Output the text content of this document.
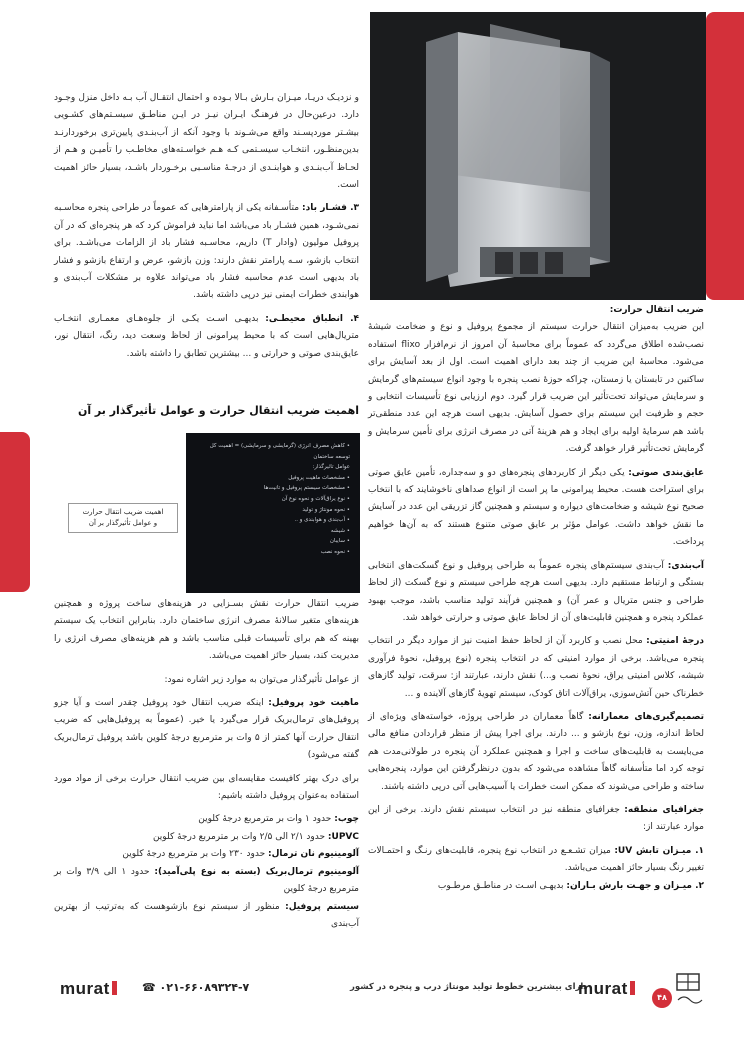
و نزدیـک دریـا، میـزان بـارش بـالا بـوده و احتمال انتقـال آب بـه داخل منزل وجـود دارد. درعین‌حال در فرهنـگ ایـران نیـز در ایـن مناطـق سیسـتم‌های کشـویی بیشـتر مورد‌پسـند واقع می‌شـوند با وجود آنکه از آب‌بنـدی پایین‌تری برخوردارنـد بدین‌منظـور، انتخـاب سیسـتمی کـه هـم خواسـته‌های مخاطـب را تأمیـن و هـم از لحـاظ آب‌بنـدی و هوابنـدی از درجـهٔ مناسـبی برخـوردار باشـد، بسیار حائز اهمیت است.

۳. فشـار باد: متأسـفانه یکی از پارامترهایی که عموماً در طراحی پنجره محاسـبه نمی‌شـود، همین فشـار باد می‌باشد اما نباید فراموش کرد که هر پنجره‌ای که در آن پروفیل مولیون (وادار T) داریم، محاسـبه فشار باد از الزامات می‌باشـد. برای انتخاب بازشو، سـه پارامتر نقش دارند: وزن بازشو، عرض و ارتفاع بازشو و فشار باد بدیهی است عدم محاسبه فشار باد می‌تواند علاوه بر مشکلات آب‌بندی و هوابندی خطرات ایمنی نیز درپی داشته باشد.

۴. انطباق محیطـی: بدیهـی اسـت یکـی از جلوه‌هـای معمـاری انتخـاب متریال‌هایی است که با محیط پیرامونی از لحاظ وسعت دید، رنگ، انتقال نور، عایق‌بندی صوتی و حرارتی و ... بیشترین تطابق را داشته باشد.

اهمیت ضریب انتقال حرارت و عوامل تأثیرگذار بر آن
• کاهش مصرف انرژی (گرمایشی و سرمایشی) = اهمیت کل
توسعه ساختمان
عوامل تاثیرگذار:
• مشخصات ماهیت پروفیل
• مشخصات سیستم پروفیل و تانیت‌ها
• نوع یراق‌آلات و نحوه نوع آن
• نحوه مونتاژ و تولید
• آب‌بندی و هوابندی و ..
• شیشه
• سایبان
• نحوه نصب
اهمیت ضریب انتقال حرارت
و عوامل تأثیرگذار بر آن

ضریب انتقال حرارت نقش بسـزایی در هزینه‌های ساخت پروژه و همچنین هزینه‌های متغیر سالانهٔ مصرف انرژی ساختمان دارد. بنابراین انتخاب یک سیستم بهینه که هم برای تأسیسات قبلی مناسب باشد و هم هزینه‌های مصرف انرژی را مدیریت کند، بسیار حائز اهمیت می‌باشد.

از عوامل تأثیرگذار می‌توان به موارد زیر اشاره نمود:

ماهیت خود پروفیل: اینکه ضریب انتقال خود پروفیل چقدر است و آیا جزو پروفیل‌های ترمال‌بریک قرار می‌گیرد یا خیر. (عموماً به پروفیل‌هایی که ضریب انتقال حرارت آنها کمتر از ۵ وات بر مترمربع درجهٔ کلوین باشد پروفیل ترمال‌بریک گفته می‌شود)

برای درک بهتر کافیست مقایسه‌ای بین ضریب انتقال حرارت برخی از مواد مورد استفاده به‌عنوان پروفیل داشته باشیم:

چوب: حدود ۱ وات بر مترمربع درجهٔ کلوین

UPVC: حدود ۲/۱ الی ۲/۵ وات بر مترمربع درجهٔ کلوین

آلومینیوم نان ترمال: حدود ۲۳۰ وات بر مترمربع درجهٔ کلوین

آلومینیوم ترمال‌بریک (بسته به نوع پلی‌آمید): حدود ۱ الی ۳/۹ وات بر مترمربع درجهٔ کلوین

سیستم پروفیل: منظور از سیستم نوع بازشوهست که به‌ترتیب از بهترین آب‌بندی

ضریب انتقال حرارت:

این ضریب به‌میزان انتقال حرارت سیستم از مجموع پروفیل و نوع و ضخامت شیشهٔ نصب‌شده اطلاق می‌گردد که عموماً برای محاسبهٔ آن امروز از نرم‌افزار flixo استفاده می‌شود. محاسبهٔ این ضریب از چند بعد دارای اهمیت است. اول از بعد آسایش برای ساکنین در تابستان یا زمستان، چراکه حوزهٔ نصب پنجره با وجود انواع سیستم‌های گرمایش و سرمایش می‌تواند تحت‌تأثیر این ضریب قرار گیرد. دوم ارزیابی نوع تأسیسات انتخابی و حجم و ظرفیت این سیستم برای حصول آسایش. بدیهی است هرچه این عدد منطقی‌تر باشد هم سرمایهٔ اولیه برای ایجاد و هم هزینهٔ آتی در مصرف انرژی برای تأمین سرمایش و گرمایش تحت‌تأثیر قرار خواهد گرفت.

عایق‌بندی صوتی: یکی دیگر از کاربردهای پنجره‌های دو و سه‌جداره، تأمین عایق صوتی برای استراحت هست. محیط پیرامونی ما پر است از انواع صداهای ناخوشایند که با انتخاب صحیح نوع شیشه و ضخامت‌های دیواره و سیستم و همچنین گاز تزریقی این عدد در آسایش ما نقش خواهد داشت. عوامل مؤثر بر عایق صوتی متنوع هستند که به آن‌ها خواهیم پرداخت.

آب‌بندی: آب‌بندی سیستم‌های پنجره عموماً به طراحی پروفیل و نوع گسکت‌های انتخابی بستگی و ارتباط مستقیم دارد. بدیهی است هرچه طراحی سیستم و نوع گسکت (از لحاظ طراحی و جنس متریال و عمر آن) و همچنین فرآیند تولید مناسب باشد، موجب بهبود عملکرد پنجره و همچنین قابلیت‌های آن از لحاظ عایق صوتی و حرارتی خواهد شد.

درجهٔ امنیتی: محل نصب و کاربرد آن از لحاظ حفظ امنیت نیز از موارد دیگر در انتخاب پنجره می‌باشد. برخی از موارد امنیتی که در انتخاب پنجره (نوع پروفیل، نحوهٔ فرآوری شیشه، کلاس امنیتی یراق، نحوهٔ نصب و...) نقش دارند، عبارتند از: سرقت، تولید گازهای خطرناک حین آتش‌سوزی، یراق‌آلات اتاق کودک، سیستم تهویهٔ گازهای آلاینده و ...

تصمیم‌گیری‌های معمارانه: گاهاً معماران در طراحی پروژه، خواسته‌های ویژه‌ای از لحاظ اندازه، وزن، نوع بازشو و ... دارند. برای اجرا پیش از منظر قراردادن منافع مالی می‌بایست به قابلیت‌های ساخت و اجرا و همچنین عملکرد آن پنجره در طولانی‌مدت هم توجه کرد اما متأسفانه گاهاً مشاهده می‌شود که بدون درنظرگرفتن این موارد، پنجره‌هایی ساخته و طراحی می‌شوند که ممکن است خطرات یا آسیب‌هایی آتی درپی داشته باشند.

جغرافیای منطقه: جغرافیای منطقه نیز در انتخاب سیستم نقش دارند. برخی از این موارد عبارتند از:

۱. میـزان تابش UV: میزان تشـعـع در انتخاب نوع پنجره، قابلیت‌های رنـگ و احتمـالات تغییر رنگ بسیار حائز اهمیت می‌باشد.

۲. میـزان و جهـت بارش بـاران: بدیهـی اسـت در مناطـق مرطـوب

murat	☎ ۰۲۱-۶۶۰۸۹۳۲۴-۷	دارای بیشترین خطوط تولید مونتاژ درب و پنجره در کشور
murat	۴۸
